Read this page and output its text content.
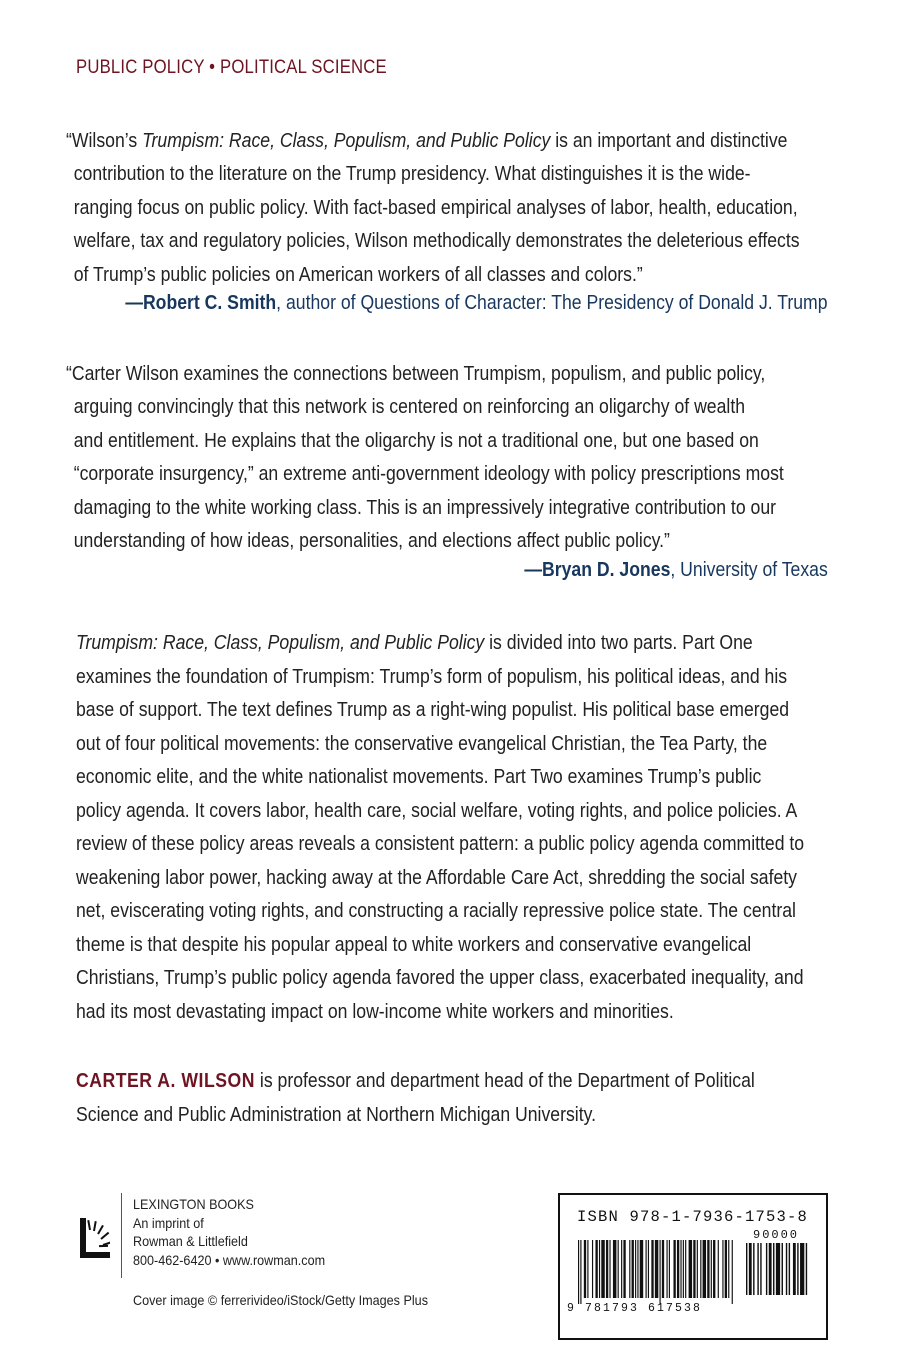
PUBLIC POLICY • POLITICAL SCIENCE

“Wilson’s Trumpism: Race, Class, Populism, and Public Policy is an important and distinctive
contribution to the literature on the Trump presidency. What distinguishes it is the wide-
ranging focus on public policy. With fact-based empirical analyses of labor, health, education,
welfare, tax and regulatory policies, Wilson methodically demonstrates the deleterious effects
of Trump’s public policies on American workers of all classes and colors.”

—Robert C. Smith, author of Questions of Character: The Presidency of Donald J. Trump

“Carter Wilson examines the connections between Trumpism, populism, and public policy,
arguing convincingly that this network is centered on reinforcing an oligarchy of wealth
and entitlement. He explains that the oligarchy is not a traditional one, but one based on
“corporate insurgency,” an extreme anti-government ideology with policy prescriptions most
damaging to the white working class. This is an impressively integrative contribution to our
understanding of how ideas, personalities, and elections affect public policy.”

—Bryan D. Jones, University of Texas
Trumpism: Race, Class, Populism, and Public Policy is divided into two parts. Part One
examines the foundation of Trumpism: Trump’s form of populism, his political ideas, and his
base of support. The text defines Trump as a right-wing populist. His political base emerged
out of four political movements: the conservative evangelical Christian, the Tea Party, the
economic elite, and the white nationalist movements. Part Two examines Trump’s public
policy agenda. It covers labor, health care, social welfare, voting rights, and police policies. A
review of these policy areas reveals a consistent pattern: a public policy agenda committed to
weakening labor power, hacking away at the Affordable Care Act, shredding the social safety
net, eviscerating voting rights, and constructing a racially repressive police state. The central
theme is that despite his popular appeal to white workers and conservative evangelical
Christians, Trump’s public policy agenda favored the upper class, exacerbated inequality, and
had its most devastating impact on low-income white workers and minorities.
CARTER A. WILSON is professor and department head of the Department of Political
Science and Public Administration at Northern Michigan University.
LEXINGTON BOOKS
An imprint of
Rowman & Littlefield
800-462-6420 • www.rowman.com
Cover image © ferrerivideo/iStock/Getty Images Plus
ISBN 978-1-7936-1753-8
90000
9 781793 617538
